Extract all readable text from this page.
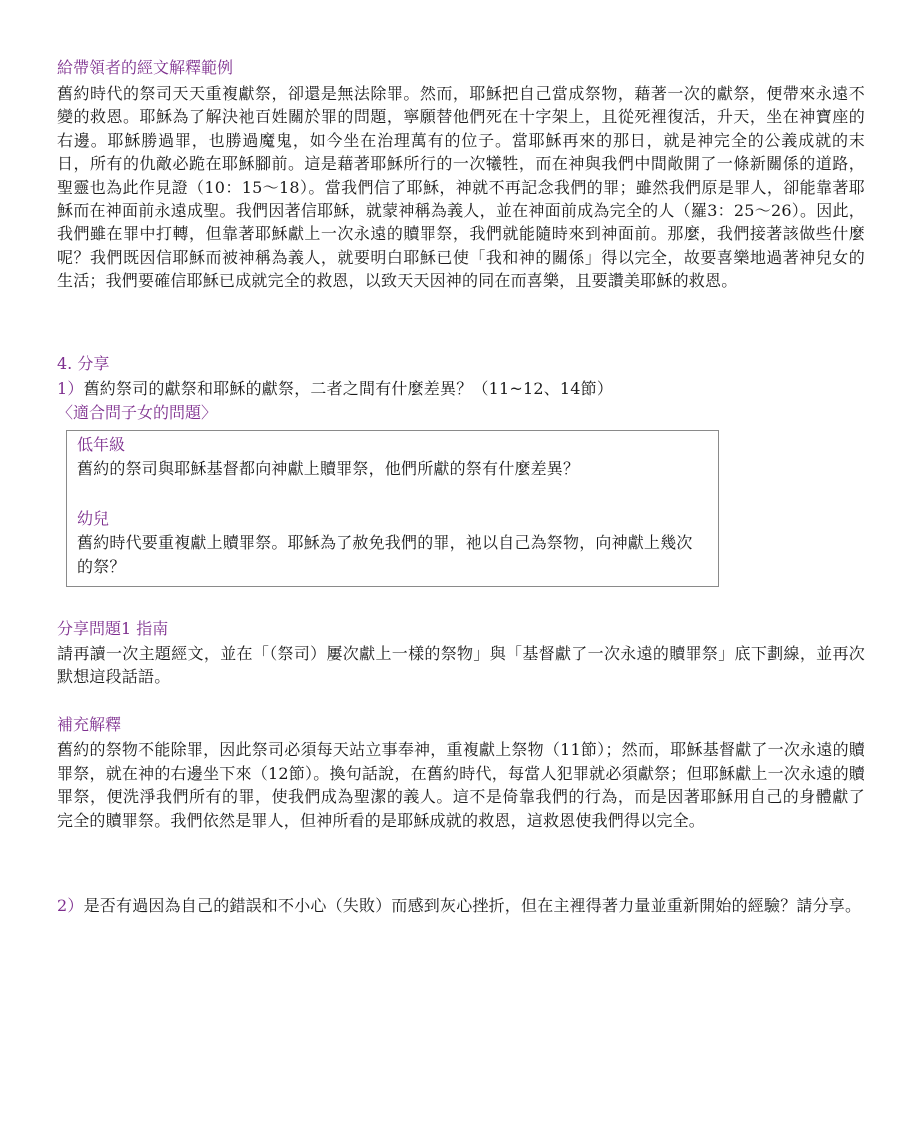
給帶領者的經文解釋範例

舊約時代的祭司天天重複獻祭，卻還是無法除罪。然而，耶穌把自己當成祭物，藉著一次的獻祭，便帶來永遠不變的救恩。耶穌為了解決祂百姓關於罪的問題，寧願替他們死在十字架上，且從死裡復活，升天，坐在神寶座的右邊。耶穌勝過罪，也勝過魔鬼，如今坐在治理萬有的位子。當耶穌再來的那日，就是神完全的公義成就的末日，所有的仇敵必跪在耶穌腳前。這是藉著耶穌所行的一次犧牲，而在神與我們中間敞開了一條新關係的道路，聖靈也為此作見證（10：15～18）。當我們信了耶穌，神就不再記念我們的罪；雖然我們原是罪人，卻能靠著耶穌而在神面前永遠成聖。我們因著信耶穌，就蒙神稱為義人，並在神面前成為完全的人（羅3：25～26）。因此，我們雖在罪中打轉，但靠著耶穌獻上一次永遠的贖罪祭，我們就能隨時來到神面前。那麼，我們接著該做些什麼呢？我們既因信耶穌而被神稱為義人，就要明白耶穌已使「我和神的關係」得以完全，故要喜樂地過著神兒女的生活；我們要確信耶穌已成就完全的救恩，以致天天因神的同在而喜樂，且要讚美耶穌的救恩。

4. 分享
1）舊約祭司的獻祭和耶穌的獻祭，二者之間有什麼差異？（11~12、14節）
〈適合問子女的問題〉
低年級
舊約的祭司與耶穌基督都向神獻上贖罪祭，他們所獻的祭有什麼差異？
幼兒
舊約時代要重複獻上贖罪祭。耶穌為了赦免我們的罪，祂以自己為祭物，向神獻上幾次的祭？
分享問題1 指南

請再讀一次主題經文，並在「（祭司）屢次獻上一樣的祭物」與「基督獻了一次永遠的贖罪祭」底下劃線，並再次默想這段話語。

補充解釋

舊約的祭物不能除罪，因此祭司必須每天站立事奉神，重複獻上祭物（11節）；然而，耶穌基督獻了一次永遠的贖罪祭，就在神的右邊坐下來（12節）。換句話說，在舊約時代，每當人犯罪就必須獻祭；但耶穌獻上一次永遠的贖罪祭，便洗淨我們所有的罪，使我們成為聖潔的義人。這不是倚靠我們的行為，而是因著耶穌用自己的身體獻了完全的贖罪祭。我們依然是罪人，但神所看的是耶穌成就的救恩，這救恩使我們得以完全。

2）是否有過因為自己的錯誤和不小心（失敗）而感到灰心挫折，但在主裡得著力量並重新開始的經驗？請分享。
